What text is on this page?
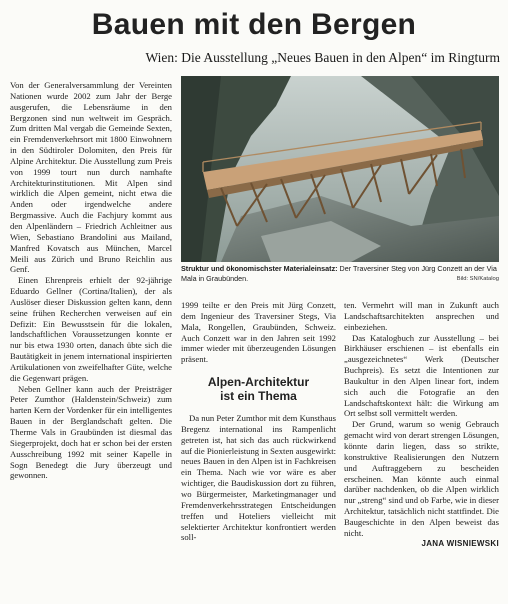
Bauen mit den Bergen
Wien: Die Ausstellung „Neues Bauen in den Alpen“ im Ringturm

Von der Generalversammlung der Vereinten Nationen wurde 2002 zum Jahr der Berge ausgerufen, die Lebensräume in den Bergzonen sind nun weltweit im Gespräch. Zum dritten Mal vergab die Gemeinde Sexten, ein Fremdenverkehrsort mit 1800 Einwohnern in den Südtiroler Dolomiten, den Preis für Alpine Architektur. Die Ausstellung zum Preis von 1999 tourt nun durch namhafte Architekturinstitutionen. Mit Alpen sind wirklich die Alpen gemeint, nicht etwa die Anden oder irgendwelche andere Bergmassive. Auch die Fachjury kommt aus den Alpenländern – Friedrich Achleitner aus Wien, Sebastiano Brandolini aus Mailand, Manfred Kovatsch aus München, Marcel Meili aus Zürich und Bruno Reichlin aus Genf.

Einen Ehrenpreis erhielt der 92-jährige Eduardo Gellner (Cortina/Italien), der als Auslöser dieser Diskussion gelten kann, denn seine frühen Recherchen verweisen auf ein Defizit: Ein Bewusstsein für die lokalen, landschaftlichen Voraussetzungen konnte er nur bis etwa 1930 orten, danach übte sich die Bautätigkeit in jenem international inspirierten Artikulationen von zweifelhafter Güte, welche die Gegenwart prägen.

Neben Gellner kann auch der Preisträger Peter Zumthor (Haldenstein/Schweiz) zum harten Kern der Vordenker für ein intelligentes Bauen in der Berglandschaft gelten. Die Therme Vals in Graubünden ist diesmal das Siegerprojekt, doch hat er schon bei der ersten Ausschreibung 1992 mit seiner Kapelle in Sogn Benedegt die Jury überzeugt und gewonnen.

Struktur und ökonomischster Materialeinsatz: Der Traversiner Steg von Jürg Conzett an der Via Mala in Graubünden.	Bild: SN/Katalog

1999 teilte er den Preis mit Jürg Conzett, dem Ingenieur des Traversiner Stegs, Via Mala, Rongellen, Graubünden, Schweiz. Auch Conzett war in den Jahren seit 1992 immer wieder mit überzeugenden Lösungen präsent.

Alpen-Architektur
ist ein Thema

Da nun Peter Zumthor mit dem Kunsthaus Bregenz international ins Rampenlicht getreten ist, hat sich das auch rückwirkend auf die Pionierleistung in Sexten ausgewirkt: neues Bauen in den Alpen ist in Fachkreisen ein Thema. Nach wie vor wäre es aber wichtiger, die Baudiskussion dort zu führen, wo Bürgermeister, Marketingmanager und Fremdenverkehrsstrategen Entscheidungen treffen und Hoteliers vielleicht mit selektierter Architektur konfrontiert werden soll-

ten. Vermehrt will man in Zukunft auch Landschaftsarchitekten ansprechen und einbeziehen.

Das Katalogbuch zur Ausstellung – bei Birkhäuser erschienen – ist ebenfalls ein „ausgezeichnetes“ Werk (Deutscher Buchpreis). Es setzt die Intentionen zur Baukultur in den Alpen linear fort, indem sich auch die Fotografie an den Landschaftskontext hält: die Wirkung am Ort selbst soll vermittelt werden.

Der Grund, warum so wenig Gebrauch gemacht wird von derart strengen Lösungen, könnte darin liegen, dass so strikte, konstruktive Realisierungen den Nutzern und Auftraggebern zu bescheiden erscheinen. Man könnte auch einmal darüber nachdenken, ob die Alpen wirklich nur „streng“ sind und ob Farbe, wie in dieser Architektur, tatsächlich nicht stattfindet. Die Baugeschichte in den Alpen beweist das nicht.

JANA WISNIEWSKI
